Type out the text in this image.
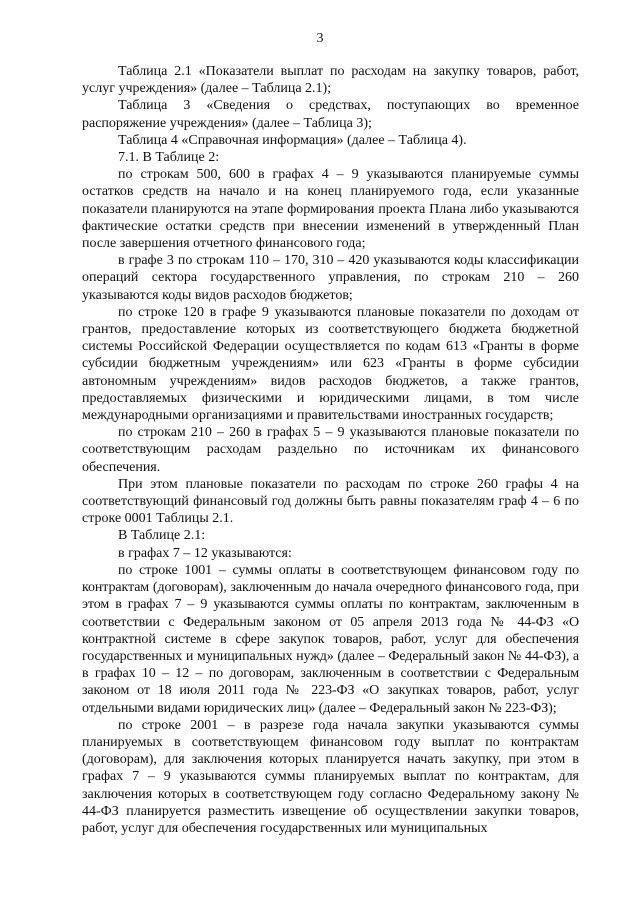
3

Таблица 2.1 «Показатели выплат по расходам на закупку товаров, работ, услуг учреждения» (далее – Таблица 2.1);

Таблица 3 «Сведения о средствах, поступающих во временное распоряжение учреждения» (далее – Таблица 3);

Таблица 4 «Справочная информация» (далее – Таблица 4).

7.1. В Таблице 2:

по строкам 500, 600 в графах 4 – 9 указываются планируемые суммы остатков средств на начало и на конец планируемого года, если указанные показатели планируются на этапе формирования проекта Плана либо указываются фактические остатки средств при внесении изменений в утвержденный План после завершения отчетного финансового года;

в графе 3 по строкам 110 – 170, 310 – 420 указываются коды классификации операций сектора государственного управления, по строкам 210 – 260 указываются коды видов расходов бюджетов;

по строке 120 в графе 9 указываются плановые показатели по доходам от грантов, предоставление которых из соответствующего бюджета бюджетной системы Российской Федерации осуществляется по кодам 613 «Гранты в форме субсидии бюджетным учреждениям» или 623 «Гранты в форме субсидии автономным учреждениям» видов расходов бюджетов, а также грантов, предоставляемых физическими и юридическими лицами, в том числе международными организациями и правительствами иностранных государств;

по строкам 210 – 260 в графах 5 – 9 указываются плановые показатели по соответствующим расходам раздельно по источникам их финансового обеспечения.

При этом плановые показатели по расходам по строке 260 графы 4 на соответствующий финансовый год должны быть равны показателям граф 4 – 6 по строке 0001 Таблицы 2.1.

В Таблице 2.1:

в графах 7 – 12 указываются:

по строке 1001 – суммы оплаты в соответствующем финансовом году по контрактам (договорам), заключенным до начала очередного финансового года, при этом в графах 7 – 9 указываются суммы оплаты по контрактам, заключенным в соответствии с Федеральным законом от 05 апреля 2013 года № 44-ФЗ «О контрактной системе в сфере закупок товаров, работ, услуг для обеспечения государственных и муниципальных нужд» (далее – Федеральный закон № 44-ФЗ), а в графах 10 – 12 – по договорам, заключенным в соответствии с Федеральным законом от 18 июля 2011 года № 223-ФЗ «О закупках товаров, работ, услуг отдельными видами юридических лиц» (далее – Федеральный закон № 223-ФЗ);

по строке 2001 – в разрезе года начала закупки указываются суммы планируемых в соответствующем финансовом году выплат по контрактам (договорам), для заключения которых планируется начать закупку, при этом в графах 7 – 9 указываются суммы планируемых выплат по контрактам, для заключения которых в соответствующем году согласно Федеральному закону № 44-ФЗ планируется разместить извещение об осуществлении закупки товаров, работ, услуг для обеспечения государственных или муниципальных
